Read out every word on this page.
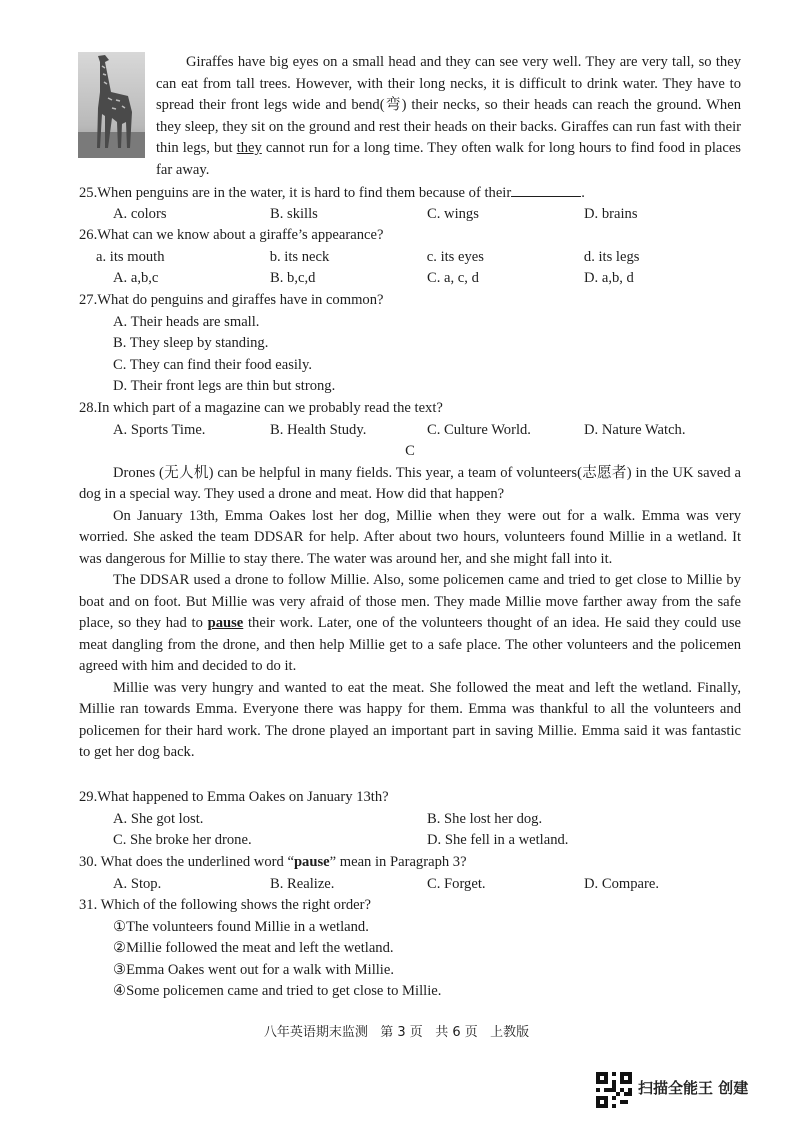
Giraffes have big eyes on a small head and they can see very well. They are very tall, so they can eat from tall trees. However, with their long necks, it is difficult to drink water. They have to spread their front legs wide and bend(弯) their necks, so their heads can reach the ground. When they sleep, they sit on the ground and rest their heads on their backs. Giraffes can run fast with their thin legs, but they cannot run for a long time. They often walk for long hours to find food in places far away.

25.When penguins are in the water, it is hard to find them because of their	.

A. colors	B. skills	C. wings	D. brains

26.What can we know about a giraffe’s appearance?

a. its mouth	b. its neck	c. its eyes	d. its legs
A. a,b,c	B. b,c,d	C. a, c, d	D. a,b, d

27.What do penguins and giraffes have in common?

A. Their heads are small.

B. They sleep by standing.

C. They can find their food easily.

D. Their front legs are thin but strong.

28.In which part of a magazine can we probably read the text?

A. Sports Time.	B. Health Study.	C. Culture World.	D. Nature Watch.

C

Drones (无人机) can be helpful in many fields. This year, a team of volunteers(志愿者) in the UK saved a dog in a special way. They used a drone and meat. How did that happen?

On January 13th, Emma Oakes lost her dog, Millie when they were out for a walk. Emma was very worried. She asked the team DDSAR for help. After about two hours, volunteers found Millie in a wetland. It was dangerous for Millie to stay there. The water was around her, and she might fall into it.

The DDSAR used a drone to follow Millie. Also, some policemen came and tried to get close to Millie by boat and on foot. But Millie was very afraid of those men. They made Millie move farther away from the safe place, so they had to pause their work. Later, one of the volunteers thought of an idea. He said they could use meat dangling from the drone, and then help Millie get to a safe place. The other volunteers and the policemen agreed with him and decided to do it.

Millie was very hungry and wanted to eat the meat. She followed the meat and left the wetland. Finally, Millie ran towards Emma. Everyone there was happy for them. Emma was thankful to all the volunteers and policemen for their hard work. The drone played an important part in saving Millie. Emma said it was fantastic to get her dog back.

29.What happened to Emma Oakes on January 13th?

A. She got lost.	B. She lost her dog.
C. She broke her drone.	D. She fell in a wetland.

30. What does the underlined word “pause” mean in Paragraph 3?

A. Stop.	B. Realize.	C. Forget.	D. Compare.

31. Which of the following shows the right order?

①The volunteers found Millie in a wetland.

②Millie followed the meat and left the wetland.

③Emma Oakes went out for a walk with Millie.

④Some policemen came and tried to get close to Millie.

八年英语期末监测   第 3 页   共 6 页   上教版
扫描全能王 创建
